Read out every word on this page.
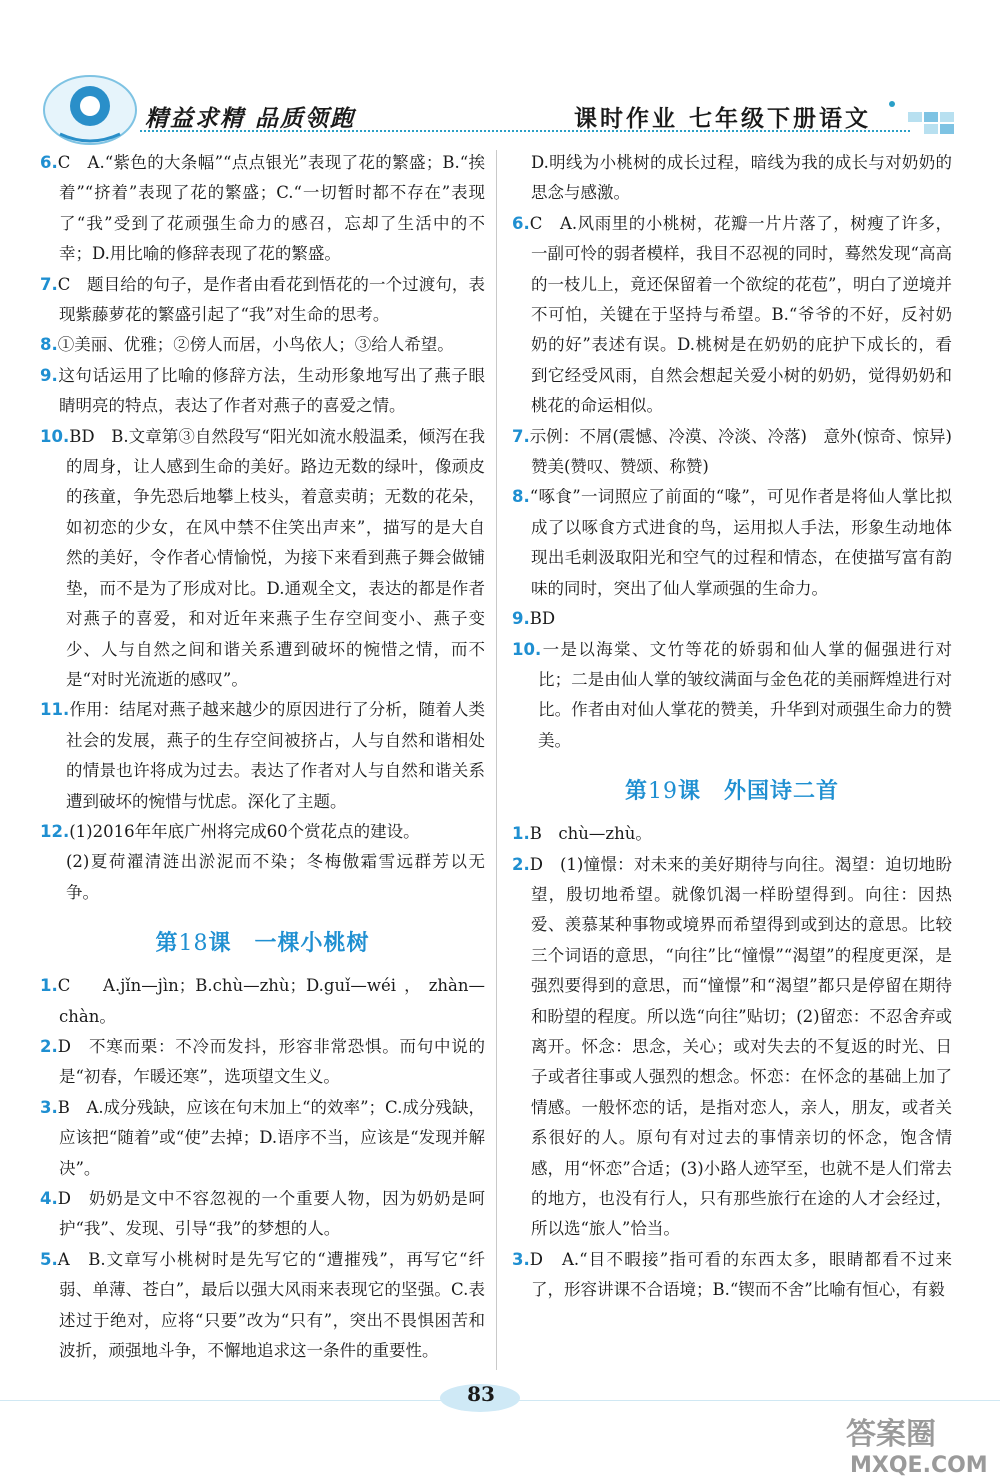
精益求精 品质领跑	课时作业 七年级下册语文

6.C　A.“紫色的大条幅”“点点银光”表现了花的繁盛；B.“挨着”“挤着”表现了花的繁盛；C.“一切暂时都不存在”表现了“我”受到了花顽强生命力的感召，忘却了生活中的不幸；D.用比喻的修辞表现了花的繁盛。

7.C　题目给的句子，是作者由看花到悟花的一个过渡句，表现紫藤萝花的繁盛引起了“我”对生命的思考。

8.①美丽、优雅；②傍人而居，小鸟依人；③给人希望。

9.这句话运用了比喻的修辞方法，生动形象地写出了燕子眼睛明亮的特点，表达了作者对燕子的喜爱之情。

10.BD　B.文章第③自然段写“阳光如流水般温柔，倾泻在我的周身，让人感到生命的美好。路边无数的绿叶，像顽皮的孩童，争先恐后地攀上枝头，着意卖萌；无数的花朵，如初恋的少女，在风中禁不住笑出声来”，描写的是大自然的美好，令作者心情愉悦，为接下来看到燕子舞会做铺垫，而不是为了形成对比。D.通观全文，表达的都是作者对燕子的喜爱，和对近年来燕子生存空间变小、燕子变少、人与自然之间和谐关系遭到破坏的惋惜之情，而不是“对时光流逝的感叹”。

11.作用：结尾对燕子越来越少的原因进行了分析，随着人类社会的发展，燕子的生存空间被挤占，人与自然和谐相处的情景也许将成为过去。表达了作者对人与自然和谐关系遭到破坏的惋惜与忧虑。深化了主题。

12.(1)2016年年底广州将完成60个赏花点的建设。

(2)夏荷濯清涟出淤泥而不染；冬梅傲霜雪远群芳以无争。

第18课　一棵小桃树

1.C　A.jǐn—jìn；B.chù—zhù；D.guǐ—wéi，zhàn—chàn。

2.D　不寒而栗：不冷而发抖，形容非常恐惧。而句中说的是“初春，乍暖还寒”，选项望文生义。

3.B　A.成分残缺，应该在句末加上“的效率”；C.成分残缺，应该把“随着”或“使”去掉；D.语序不当，应该是“发现并解决”。

4.D　奶奶是文中不容忽视的一个重要人物，因为奶奶是呵护“我”、发现、引导“我”的梦想的人。

5.A　B.文章写小桃树时是先写它的“遭摧残”，再写它“纤弱、单薄、苍白”，最后以强大风雨来表现它的坚强。C.表述过于绝对，应将“只要”改为“只有”，突出不畏惧困苦和波折，顽强地斗争，不懈地追求这一条件的重要性。

D.明线为小桃树的成长过程，暗线为我的成长与对奶奶的思念与感激。

6.C　A.风雨里的小桃树，花瓣一片片落了，树瘦了许多，一副可怜的弱者模样，我目不忍视的同时，蓦然发现“高高的一枝儿上，竟还保留着一个欲绽的花苞”，明白了逆境并不可怕，关键在于坚持与希望。B.“爷爷的不好，反衬奶奶的好”表述有误。D.桃树是在奶奶的庇护下成长的，看到它经受风雨，自然会想起关爱小树的奶奶，觉得奶奶和桃花的命运相似。

7.示例：不屑(震憾、冷漠、冷淡、冷落)　意外(惊奇、惊异)赞美(赞叹、赞颂、称赞)

8.“啄食”一词照应了前面的“喙”，可见作者是将仙人掌比拟成了以啄食方式进食的鸟，运用拟人手法，形象生动地体现出毛刺汲取阳光和空气的过程和情态，在使描写富有韵味的同时，突出了仙人掌顽强的生命力。

9.BD

10.一是以海棠、文竹等花的娇弱和仙人掌的倔强进行对比；二是由仙人掌的皱纹满面与金色花的美丽辉煌进行对比。作者由对仙人掌花的赞美，升华到对顽强生命力的赞美。

第19课　外国诗二首

1.B　chù—zhù。

2.D　(1)憧憬：对未来的美好期待与向往。渴望：迫切地盼望，殷切地希望。就像饥渴一样盼望得到。向往：因热爱、羡慕某种事物或境界而希望得到或到达的意思。比较三个词语的意思，“向往”比“憧憬”“渴望”的程度更深，是强烈要得到的意思，而“憧憬”和“渴望”都只是停留在期待和盼望的程度。所以选“向往”贴切；(2)留恋：不忍舍弃或离开。怀念：思念，关心；或对失去的不复返的时光、日子或者往事或人强烈的想念。怀恋：在怀念的基础上加了情感。一般怀恋的话，是指对恋人，亲人，朋友，或者关系很好的人。原句有对过去的事情亲切的怀念，饱含情感，用“怀恋”合适；(3)小路人迹罕至，也就不是人们常去的地方，也没有行人，只有那些旅行在途的人才会经过，所以选“旅人”恰当。

3.D　A.“目不暇接”指可看的东西太多，眼睛都看不过来了，形容讲课不合语境；B.“锲而不舍”比喻有恒心，有毅

83
答案圈
MXQE.COM
